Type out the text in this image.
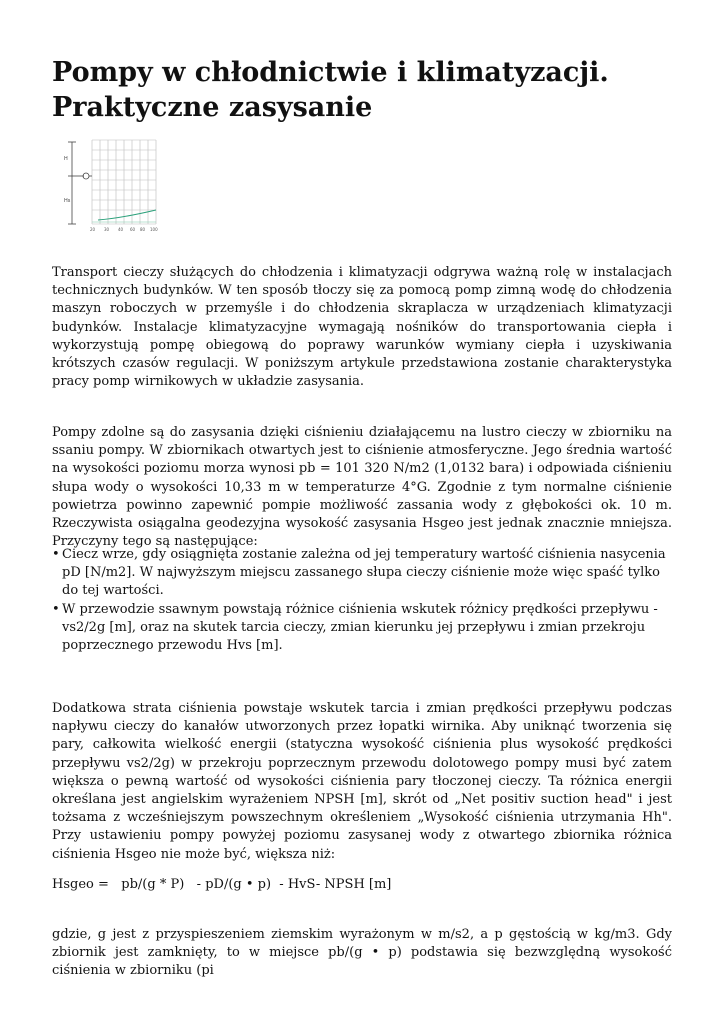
Pompy w chłodnictwie i klimatyzacji. Praktyczne zasysanie
H
Hs
20 30 40 60 80 100

Transport cieczy służących do chłodzenia i klimatyzacji odgrywa ważną rolę w instalacjach technicznych budynków. W ten sposób tłoczy się za pomocą pomp zimną wodę do chłodzenia maszyn roboczych w przemyśle i do chłodzenia skraplacza w urządzeniach klimatyzacji budynków. Instalacje klimatyzacyjne wymagają nośników do transportowania ciepła i wykorzystują pompę obiegową do poprawy warunków wymiany ciepła i uzyskiwania krótszych czasów regulacji. W poniższym artykule przedstawiona zostanie charakterystyka pracy pomp wirnikowych w układzie zasysania.

Pompy zdolne są do zasysania dzięki ciśnieniu działającemu na lustro cieczy w zbiorniku na ssaniu pompy. W zbiornikach otwartych jest to ciśnienie atmosferyczne. Jego średnia wartość na wysokości poziomu morza wynosi pb = 101 320 N/m2 (1,0132 bara) i odpowiada ciśnieniu słupa wody o wysokości 10,33 m w temperaturze 4°G. Zgodnie z tym normalne ciśnienie powietrza powinno zapewnić pompie możliwość zassania wody z głębokości ok. 10 m. Rzeczywista osiągalna geodezyjna wysokość zasysania Hsgeo jest jednak znacznie mniejsza. Przyczyny tego są następujące:

• Ciecz wrze, gdy osiągnięta zostanie zależna od jej temperatury wartość ciśnienia nasycenia pD [N/m2]. W najwyższym miejscu zassanego słupa cieczy ciśnienie może więc spaść tylko do tej wartości.
• W przewodzie ssawnym powstają różnice ciśnienia wskutek różnicy prędkości przepływu - vs2/2g [m], oraz na skutek tarcia cieczy, zmian kierunku jej przepływu i zmian przekroju poprzecznego przewodu Hvs [m].

Dodatkowa strata ciśnienia powstaje wskutek tarcia i zmian prędkości przepływu podczas napływu cieczy do kanałów utworzonych przez łopatki wirnika. Aby uniknąć tworzenia się pary, całkowita wielkość energii (statyczna wysokość ciśnienia plus wysokość prędkości przepływu vs2/2g) w przekroju poprzecznym przewodu dolotowego pompy musi być zatem większa o pewną wartość od wysokości ciśnienia pary tłoczonej cieczy. Ta różnica energii określana jest angielskim wyrażeniem NPSH [m], skrót od „Net positiv suction head" i jest tożsama z wcześniejszym powszechnym określeniem „Wysokość ciśnienia utrzymania Hh". Przy ustawieniu pompy powyżej poziomu zasysanej wody z otwartego zbiornika różnica ciśnienia Hsgeo nie może być, większa niż:

Hsgeo =   pb/(g * P)   - pD/(g • p)  - HvS- NPSH [m]

gdzie, g jest z przyspieszeniem ziemskim wyrażonym w m/s2, a p gęstością w kg/m3. Gdy zbiornik jest zamknięty, to w miejsce pb/(g • p) podstawia się bezwzględną wysokość ciśnienia w zbiorniku (pi
